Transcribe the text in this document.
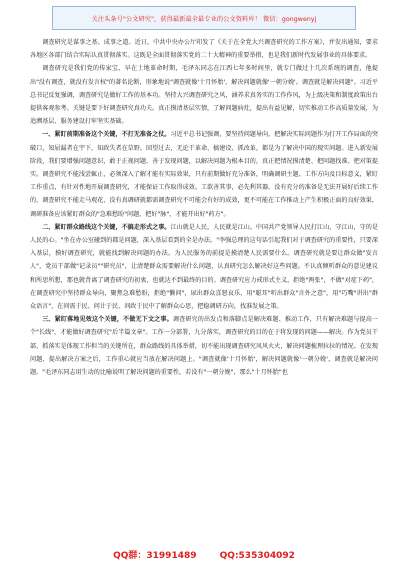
关注头条号"公文研究"，获得最新最全最专业的公文资料库！ 微信：gongwenyj

调查研究是谋事之基、成事之道。近日，中共中央办公厅印发了《关于在全党大兴调查研究的工作方案》，并发出通知，要求各地区各部门结合实际认真贯彻落实。这既是全面贯彻落实党的二十大精神的重要举措，也是我们新时代发展事业的具体要求。

调查研究是我们党的传家宝、早在土地革命时期，毛泽东同志在江西七年多时间里，就专门做过十几次系统的调查，他提出"没有调查，就没有发言权"的著名论断，形象地说"调查就像'十月怀胎'，解决问题就像'一朝分娩'。调查就是解决问题"。习近平总书记反复强调，调查研究是做好工作的基本功。坚持大兴调查研究之风，涵养求真务实的工作作风，为上级决策和制度政策出台提供客观参考。关键是要下好调查研究真功夫。真正摸清基层实情，了解问题病灶，提出有益见解，切实推动工作高质量发展，为追溯基层、服务建设打牢坚实基础。

一、紧盯前期准备这个关键，不打无准备之仗。习近平总书记强调，要坚持问题导向，把解决实际问题作为打开工作局面的突破口，知屈漏者在宇下，知政失者在草野。回望过去，无论干革命、搞建设、抓改革，都是为了解决中国的现实问题。进入新发展阶段，我们要增强问题意识，敢于正视问题、善于发现问题，以解决问题为根本目的，真正把情况摸清楚、把问题找准、把对策提实。调查研究不能浅尝辄止，必须深入了解才能有实际效果，只有前期做好充分准备，明确调研主题、工作方向及目标意义，紧盯工作重点，有针对性地开展调查研究，才能保证工作取得成效。工欲善其事，必先利其器。没有充分的准备是无法开展好后续工作的，调查研究不能走马观花，没有真调研就都需调查研究不可能会有好的成效，更不可能在工作推动上产生积极正面的良好效果，调研准备应该紧盯群众的"急难愁盼"问题，把好"脉"，才能开出好"药方"。

二、紧盯群众路线这个关键，不搞走形式之事。江山就是人民，人民就是江山。中国共产党领导人民打江山、守江山，守的是人民的心。"坐在办公室碰到的都是问题，深入基层看到的全是办法。"李强总理的这句话引起我们对于调查研究的重要性，只要深入基层，摸好调查研究，就能找到解决问题的办法。为人民服务的前提是摸清楚人民需要什么。调查研究就是要让群众做"发言人"，党员干部做"记录员""研究员"，让清楚群众需要解决什么问题，认真研究怎么解决好这些问题。不认真倾听群众的意见建议和所思所想，那也就背离了调查研究的初衷，也就达不到最终的目的。调查研究应力戒形式主义，拒绝"两张"，不做"对症下药"，在调查研究中坚持群众导向，聚焦急难愁盼，拒绝"懒问"，尿出群众喜怒哀乐，用"聪耳"听出群众"言外之意"，用"巧嘴"讲出"群众语言"，在问需于民、问计于民、问政于民中了解群众心思，把稳调研方向，找准发展之策。

三、紧盯落地见效这个关键，不做无下文之事。调查研究的出发点和落脚点是解决难题、推动工作，只有解决难题与提高一个"长线"，才能做好调查研究"后半篇文章"。工作一分部署，九分落实，调查研究的目的在于将发现的问题——解决。作为党员干部，抓落实是体现工作担当的关键所在，群众路线的具体举措，切不能出现调查研究风风火火，解决问题梳理拉拉的情况。在发现问题、提出解决方案之后，工作重心就应当放在解决问题上。"调查就像'十月怀胎'，解决问题就像'一朝分娩'，调查就是解决问题。"毛泽东同志用生动的比喻说明了解决问题的重要性，若没有"一朝分娩"，那么"十月怀胎"也

QQ群：31991489	QQ:535304092
